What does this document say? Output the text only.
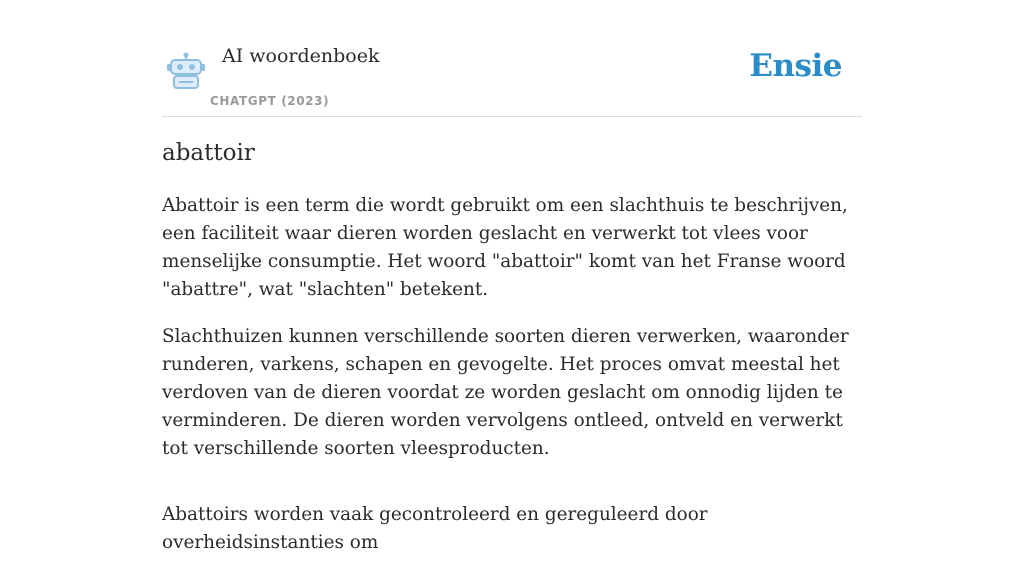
AI woordenboek
CHATGPT (2023)
Ensie
abattoir

Abattoir is een term die wordt gebruikt om een slachthuis te beschrijven, een faciliteit waar dieren worden geslacht en verwerkt tot vlees voor menselijke consumptie. Het woord "abattoir" komt van het Franse woord "abattre", wat "slachten" betekent.

Slachthuizen kunnen verschillende soorten dieren verwerken, waaronder runderen, varkens, schapen en gevogelte. Het proces omvat meestal het verdoven van de dieren voordat ze worden geslacht om onnodig lijden te verminderen. De dieren worden vervolgens ontleed, ontveld en verwerkt tot verschillende soorten vleesproducten.

Abattoirs worden vaak gecontroleerd en gereguleerd door overheidsinstanties om
